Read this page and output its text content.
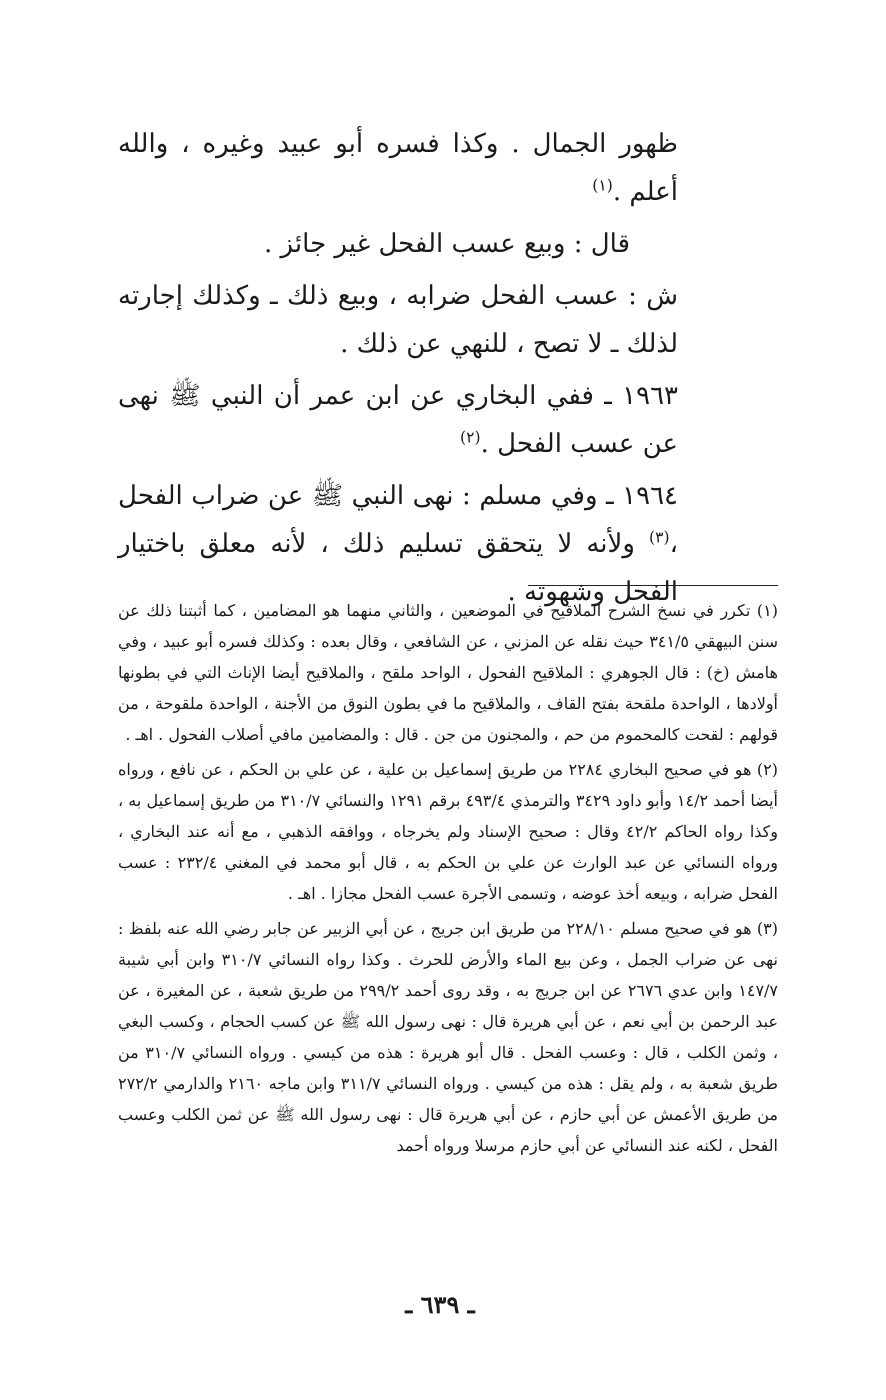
ظهور الجمال . وكذا فسره أبو عبيد وغيره ، والله أعلم .$^{(١)}$

قال : وبيع عسب الفحل غير جائز .

ش : عسب الفحل ضرابه ، وبيع ذلك ـ وكذلك إجارته لذلك ـ لا تصح ، للنهي عن ذلك .

١٩٦٣ ـ ففي البخاري عن ابن عمر أن النبي ﷺ نهى عن عسب الفحل .$^{(٢)}$

١٩٦٤ ـ وفي مسلم : نهى النبي ﷺ عن ضراب الفحل ،$^{(٣)}$ ولأنه لا يتحقق تسليم ذلك ، لأنه معلق باختيار الفحل وشهوته .

(١) تكرر في نسخ الشرح الملاقيح في الموضعين ، والثاني منهما هو المضامين ، كما أثبتنا ذلك عن سنن البيهقي ٣٤١/٥ حيث نقله عن المزني ، عن الشافعي ، وقال بعده : وكذلك فسره أبو عبيد ، وفي هامش (خ) : قال الجوهري : الملاقيح الفحول ، الواحد ملقح ، والملاقيح أيضا الإناث التي في بطونها أولادها ، الواحدة ملقحة بفتح القاف ، والملاقيح ما في بطون النوق من الأجنة ، الواحدة ملقوحة ، من قولهم : لقحت كالمحموم من حم ، والمجنون من جن . قال : والمضامين مافي أصلاب الفحول . اهـ .

(٢) هو في صحيح البخاري ٢٢٨٤ من طريق إسماعيل بن علية ، عن علي بن الحكم ، عن نافع ، ورواه أيضا أحمد ١٤/٢ وأبو داود ٣٤٢٩ والترمذي ٤٩٣/٤ برقم ١٢٩١ والنسائي ٣١٠/٧ من طريق إسماعيل به ، وكذا رواه الحاكم ٤٢/٢ وقال : صحيح الإسناد ولم يخرجاه ، ووافقه الذهبي ، مع أنه عند البخاري ، ورواه النسائي عن عبد الوارث عن علي بن الحكم به ، قال أبو محمد في المغني ٢٣٢/٤ : عسب الفحل ضرابه ، وبيعه أخذ عوضه ، وتسمى الأجرة عسب الفحل مجازا . اهـ .

(٣) هو في صحيح مسلم ٢٢٨/١٠ من طريق ابن جريج ، عن أبي الزبير عن جابر رضي الله عنه بلفظ : نهى عن ضراب الجمل ، وعن بيع الماء والأرض للحرث . وكذا رواه النسائي ٣١٠/٧ وابن أبي شيبة ١٤٧/٧ وابن عدي ٢٦٧٦ عن ابن جريج به ، وقد روى أحمد ٢٩٩/٢ من طريق شعبة ، عن المغيرة ، عن عبد الرحمن بن أبي نعم ، عن أبي هريرة قال : نهى رسول الله ﷺ عن كسب الحجام ، وكسب البغي ، وثمن الكلب ، قال : وعسب الفحل . قال أبو هريرة : هذه من كيسي . ورواه النسائي ٣١٠/٧ من طريق شعبة به ، ولم يقل : هذه من كيسي . ورواه النسائي ٣١١/٧ وابن ماجه ٢١٦٠ والدارمي ٢٧٢/٢ من طريق الأعمش عن أبي حازم ، عن أبي هريرة قال : نهى رسول الله ﷺ عن ثمن الكلب وعسب الفحل ، لكنه عند النسائي عن أبي حازم مرسلا ورواه أحمد

ـ ٦٣٩ ـ
